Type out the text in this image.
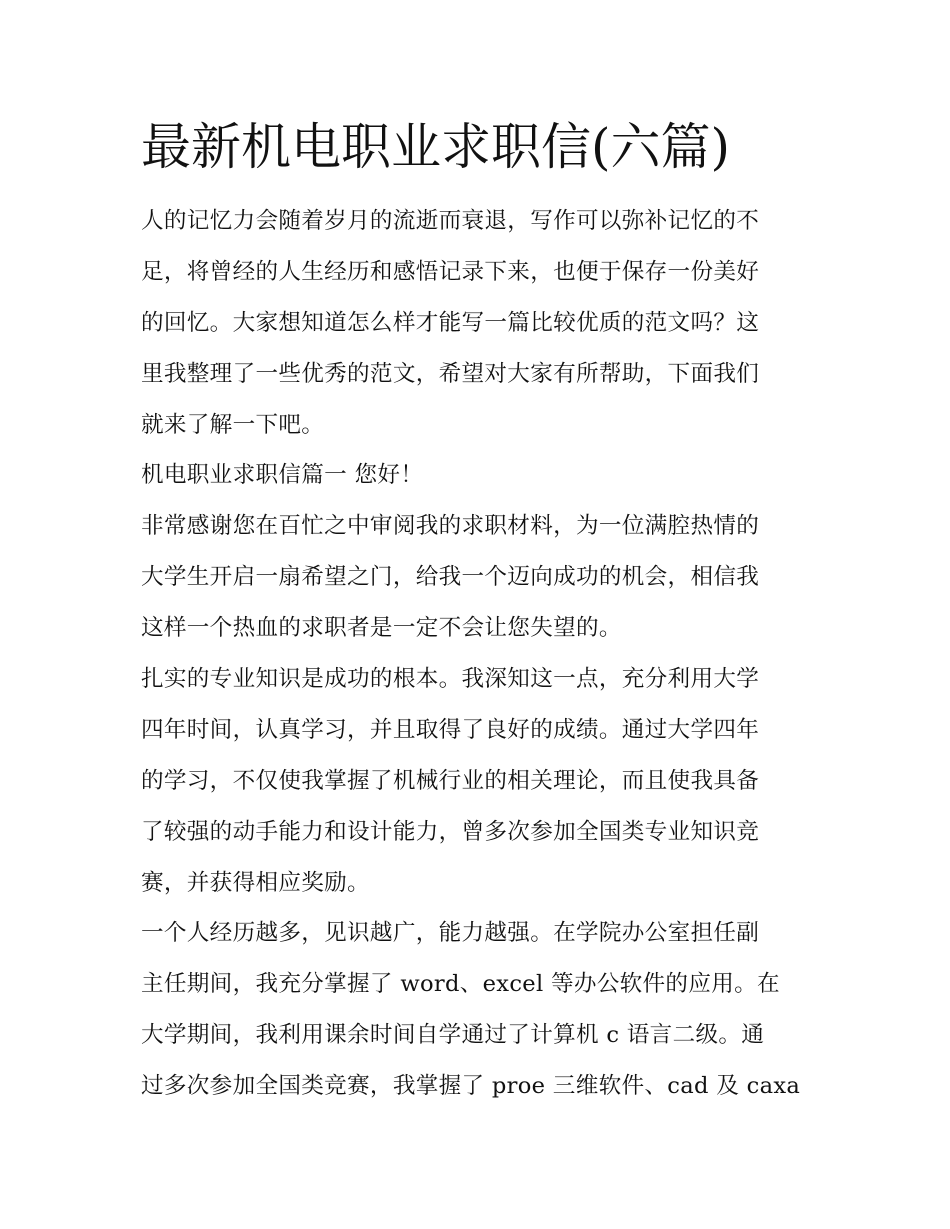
最新机电职业求职信(六篇)
人的记忆力会随着岁月的流逝而衰退，写作可以弥补记忆的不
足，将曾经的人生经历和感悟记录下来，也便于保存一份美好
的回忆。大家想知道怎么样才能写一篇比较优质的范文吗？这
里我整理了一些优秀的范文，希望对大家有所帮助，下面我们
就来了解一下吧。
机电职业求职信篇一 您好！
非常感谢您在百忙之中审阅我的求职材料，为一位满腔热情的
大学生开启一扇希望之门，给我一个迈向成功的机会，相信我
这样一个热血的求职者是一定不会让您失望的。
扎实的专业知识是成功的根本。我深知这一点，充分利用大学
四年时间，认真学习，并且取得了良好的成绩。通过大学四年
的学习，不仅使我掌握了机械行业的相关理论，而且使我具备
了较强的动手能力和设计能力，曾多次参加全国类专业知识竞
赛，并获得相应奖励。
一个人经历越多，见识越广，能力越强。在学院办公室担任副
主任期间，我充分掌握了 word、excel 等办公软件的应用。在
大学期间，我利用课余时间自学通过了计算机 c 语言二级。通
过多次参加全国类竞赛，我掌握了 proe 三维软件、cad 及 caxa
